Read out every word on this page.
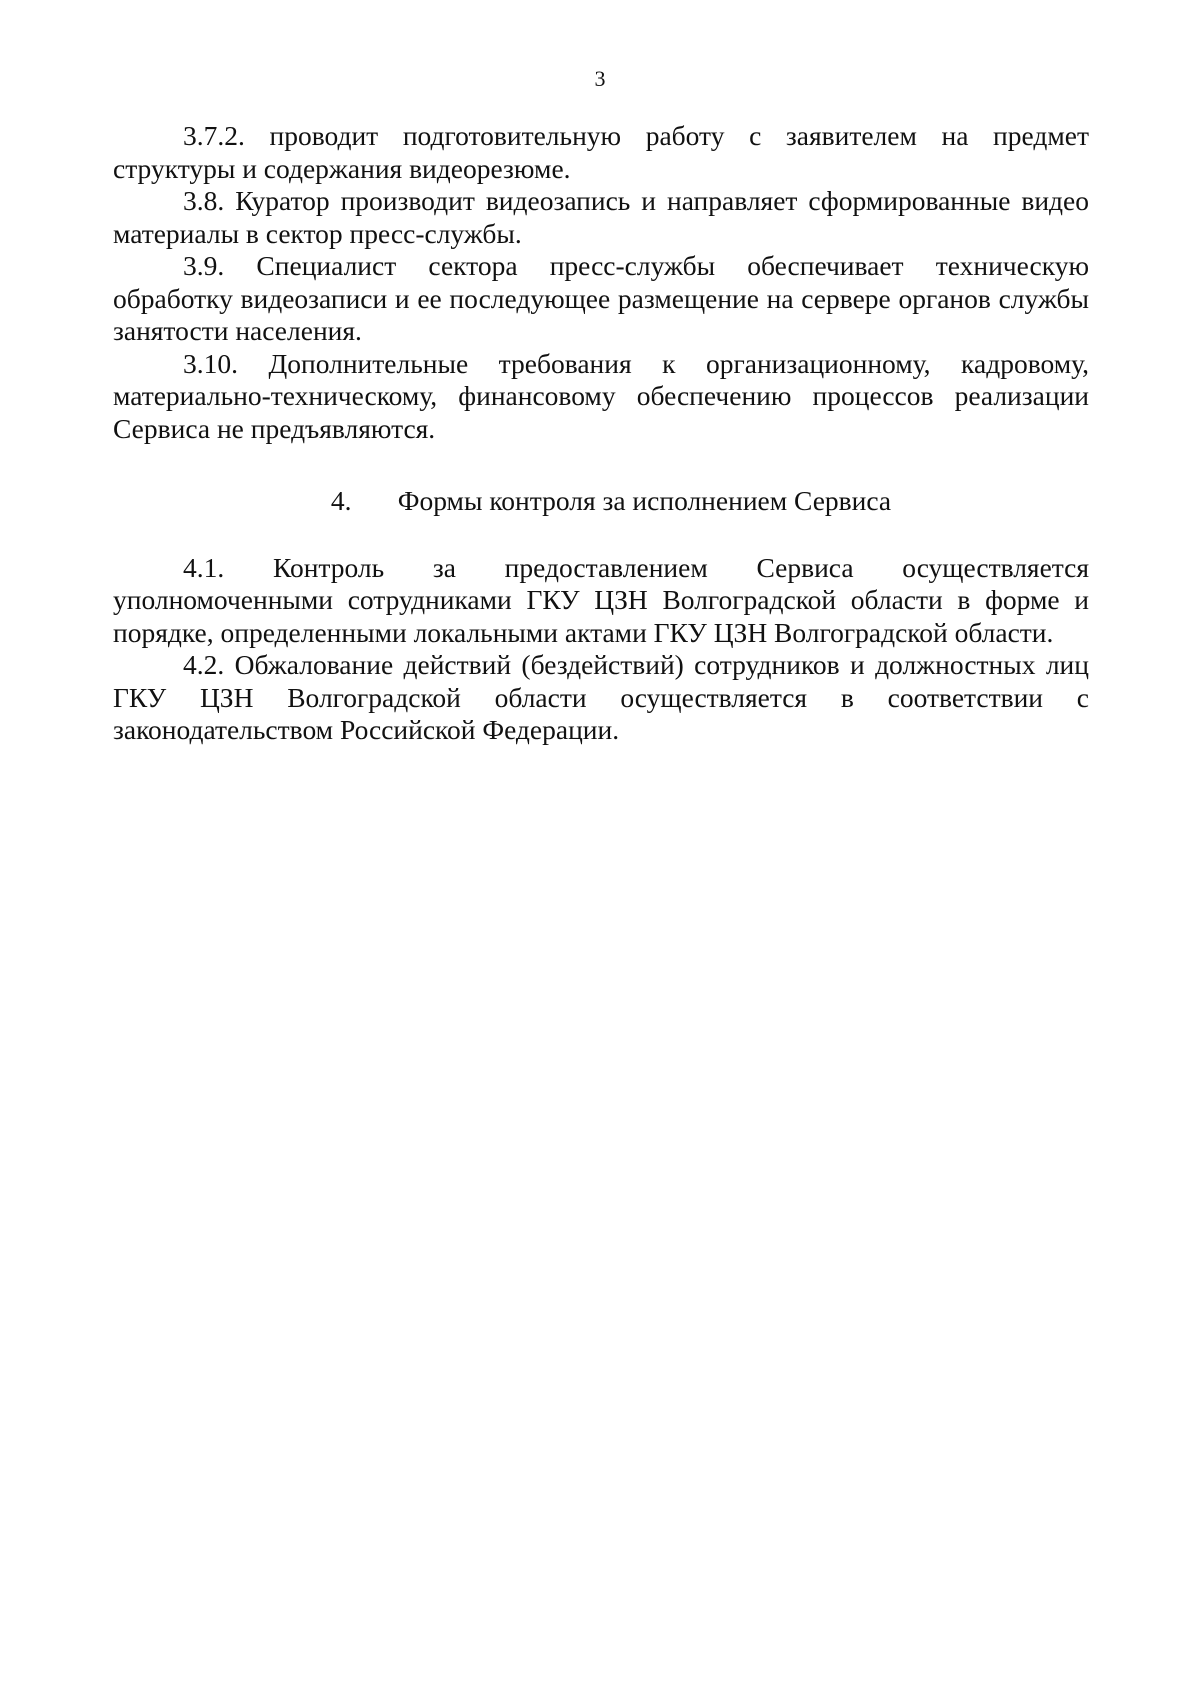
3

3.7.2. проводит подготовительную работу с заявителем на предмет структуры и содержания видеорезюме.

3.8. Куратор производит видеозапись и направляет сформированные видео материалы в сектор пресс-службы.

3.9. Специалист сектора пресс-службы обеспечивает техническую обработку видеозаписи и ее последующее размещение на сервере органов службы занятости населения.

3.10. Дополнительные требования к организационному, кадровому, материально-техническому, финансовому обеспечению процессов реализации Сервиса не предъявляются.

4. Формы контроля за исполнением Сервиса

4.1. Контроль за предоставлением Сервиса осуществляется уполномоченными сотрудниками ГКУ ЦЗН Волгоградской области в форме и порядке, определенными локальными актами ГКУ ЦЗН Волгоградской области.

4.2. Обжалование действий (бездействий) сотрудников и должностных лиц ГКУ ЦЗН Волгоградской области осуществляется в соответствии с законодательством Российской Федерации.
